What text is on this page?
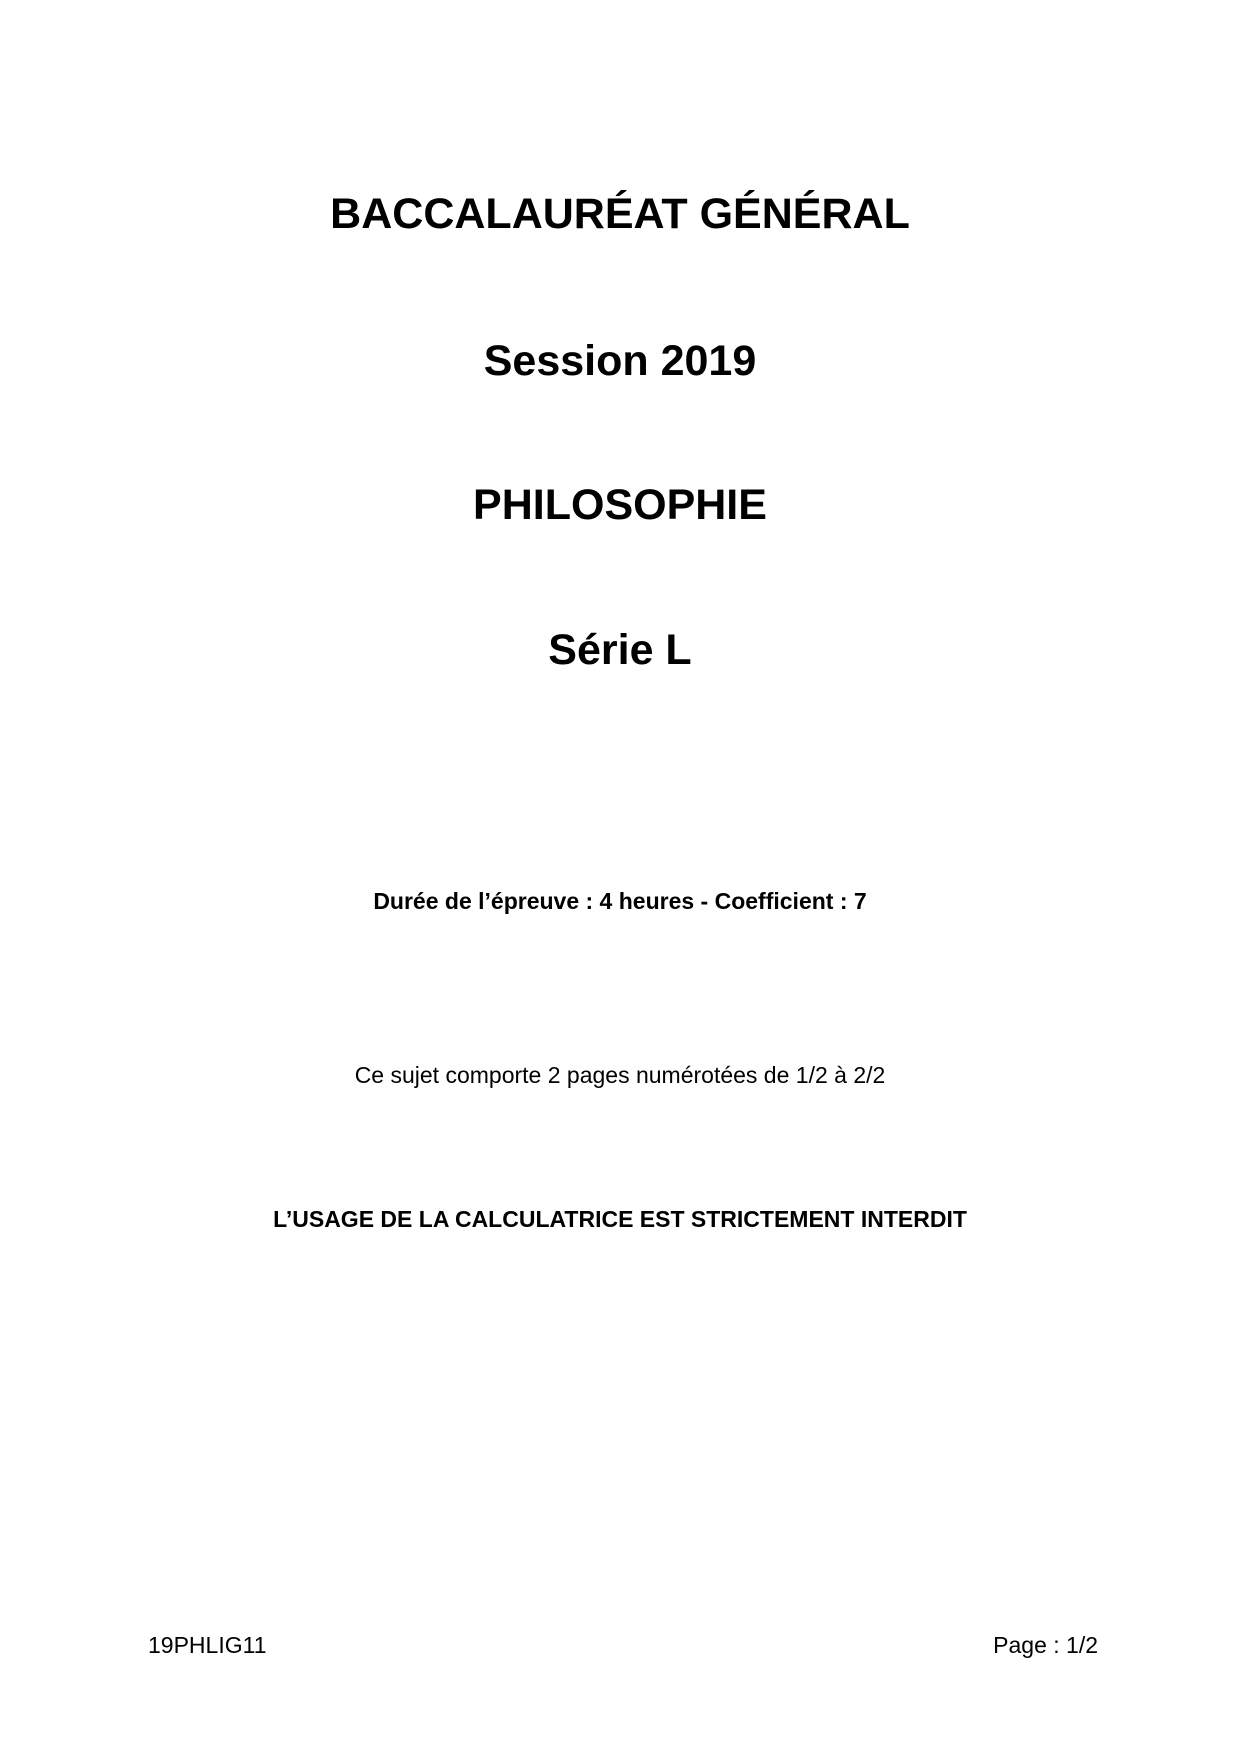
BACCALAURÉAT GÉNÉRAL
Session 2019
PHILOSOPHIE
Série L
Durée de l’épreuve : 4 heures - Coefficient : 7
Ce sujet comporte 2 pages numérotées de 1/2 à 2/2
L’USAGE DE LA CALCULATRICE EST STRICTEMENT INTERDIT
19PHLIG11	Page : 1/2
